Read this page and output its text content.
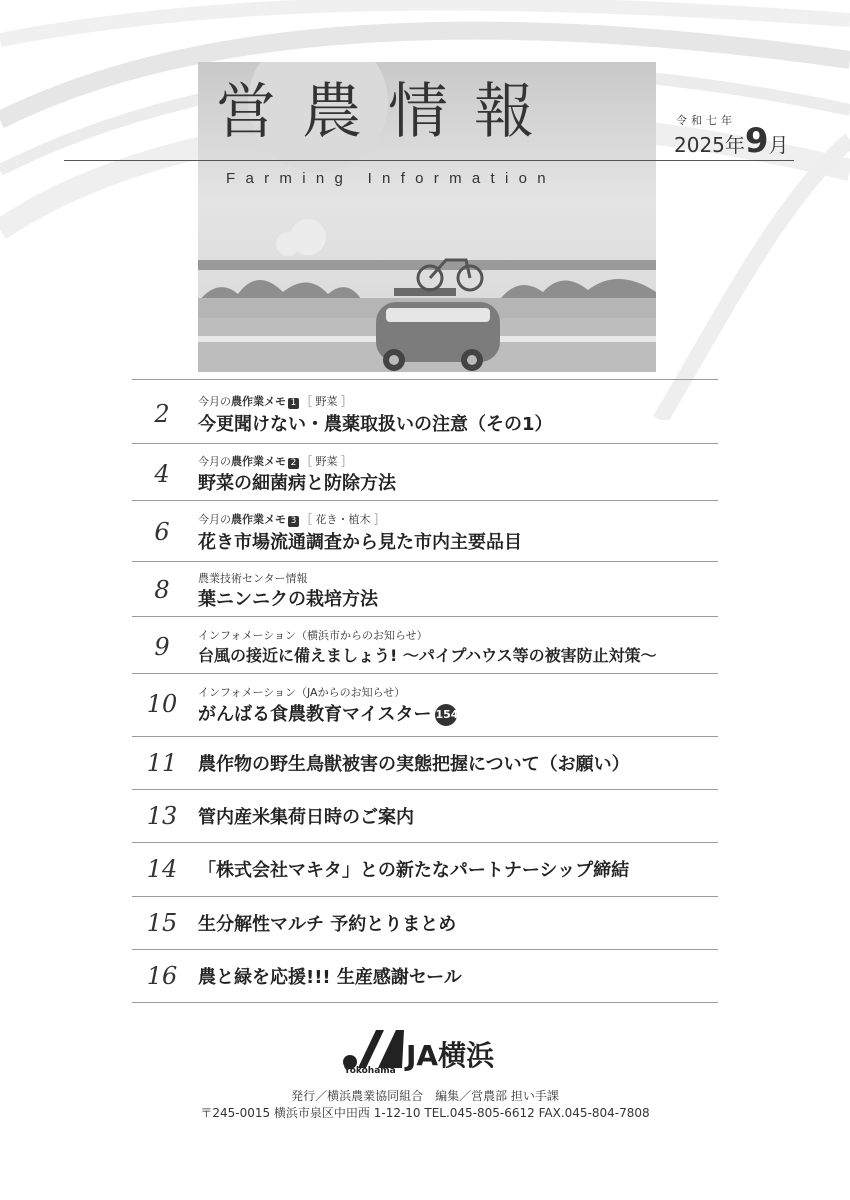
営農情報
Farming Information
令和七年
2025年9月
2	今月の農作業メモ 1 ［ 野菜 ］
今更聞けない・農薬取扱いの注意（その1）
4	今月の農作業メモ 2 ［ 野菜 ］
野菜の細菌病と防除方法
6	今月の農作業メモ 3 ［ 花き・植木 ］
花き市場流通調査から見た市内主要品目
8	農業技術センター情報
葉ニンニクの栽培方法
9	インフォメーション（横浜市からのお知らせ）
台風の接近に備えましょう! ～パイプハウス等の被害防止対策～
10	インフォメーション（JAからのお知らせ）
がんばる食農教育マイスター 154
11	農作物の野生鳥獣被害の実態把握について（お願い）
13	管内産米集荷日時のご案内
14	「株式会社マキタ」との新たなパートナーシップ締結
15	生分解性マルチ 予約とりまとめ
16	農と緑を応援!!! 生産感謝セール
JA横浜
Yokohama
発行／横浜農業協同組合　編集／営農部 担い手課
〒245-0015 横浜市泉区中田西 1-12-10 TEL.045-805-6612 FAX.045-804-7808
